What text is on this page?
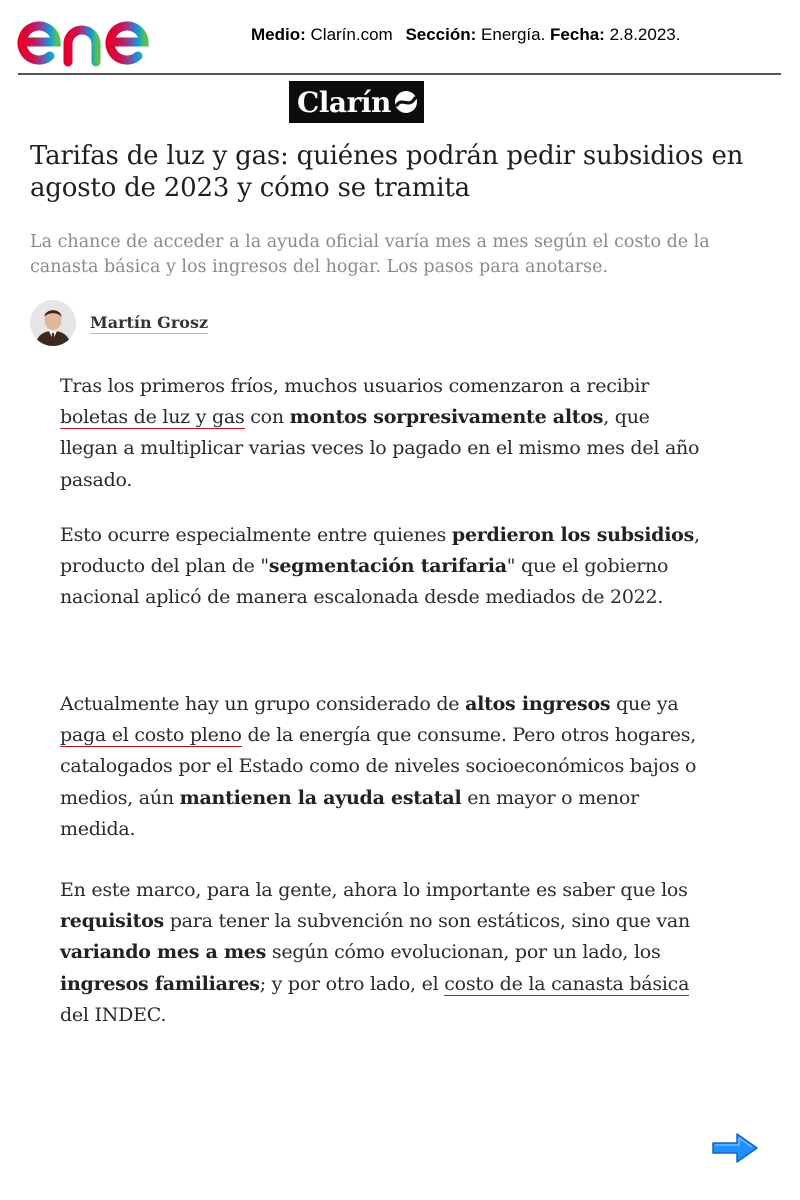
Medio: Clarín.com Sección: Energía. Fecha: 2.8.2023.
Clarín
Tarifas de luz y gas: quiénes podrán pedir subsidios en agosto de 2023 y cómo se tramita

La chance de acceder a la ayuda oficial varía mes a mes según el costo de la canasta básica y los ingresos del hogar. Los pasos para anotarse.

Martín Grosz

Tras los primeros fríos, muchos usuarios comenzaron a recibir boletas de luz y gas con montos sorpresivamente altos, que llegan a multiplicar varias veces lo pagado en el mismo mes del año pasado.

Esto ocurre especialmente entre quienes perdieron los subsidios, producto del plan de "segmentación tarifaria" que el gobierno nacional aplicó de manera escalonada desde mediados de 2022.

Actualmente hay un grupo considerado de altos ingresos que ya paga el costo pleno de la energía que consume. Pero otros hogares, catalogados por el Estado como de niveles socioeconómicos bajos o medios, aún mantienen la ayuda estatal en mayor o menor medida.

En este marco, para la gente, ahora lo importante es saber que los requisitos para tener la subvención no son estáticos, sino que van variando mes a mes según cómo evolucionan, por un lado, los ingresos familiares; y por otro lado, el costo de la canasta básica del INDEC.
